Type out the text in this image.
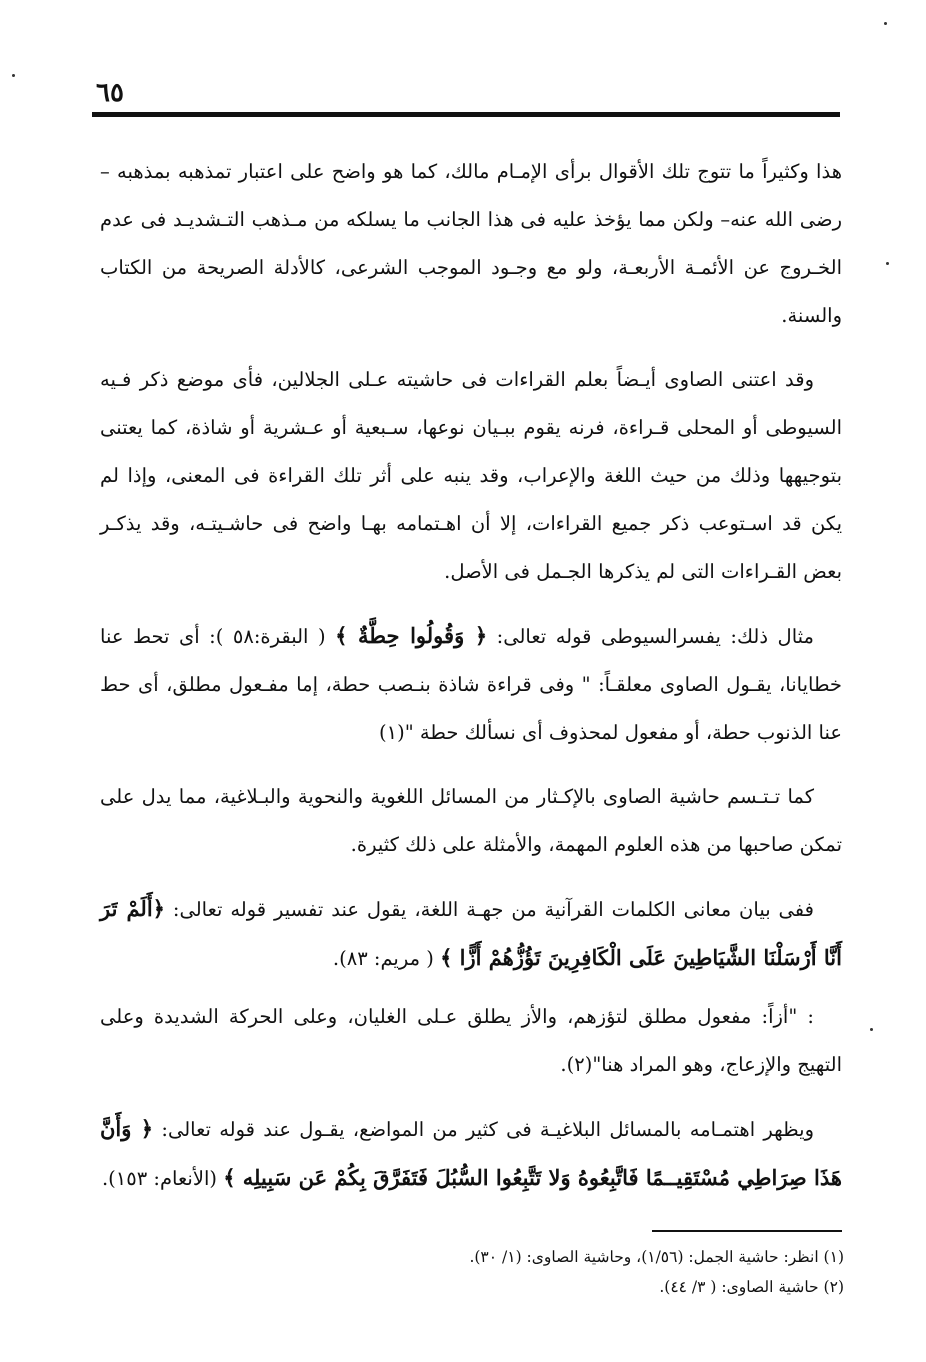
٦٥

هذا وكثيراً ما تتوج تلك الأقوال برأى الإمـام مالك، كما هو واضح على اعتبار تمذهبه بمذهبه – رضى الله عنه– ولكن مما يؤخذ عليه فى هذا الجانب ما يسلكه من مـذهب التـشديـد فى عدم الخـروج عن الأئمـة الأربعـة، ولو مع وجـود الموجب الشرعى، كالأدلة الصريحة من الكتاب والسنة.

وقد اعتنى الصاوى أيـضاً بعلم القراءات فى حاشيته عـلى الجلالين، فأى موضع ذكر فـيه السيوطى أو المحلى قـراءة، فرنه يقوم ببـيان نوعها، سـبعية أو عـشرية أو شاذة، كما يعتنى بتوجيهها وذلك من حيث اللغة والإعراب، وقد ينبه على أثر تلك القراءة فى المعنى، وإذا لم يكن قد اسـتوعب ذكر جميع القراءات، إلا أن اهـتمامه بهـا واضح فى حاشـيتـه، وقد يذكـر بعض القـراءات التى لم يذكرها الجـمل فى الأصل.

مثال ذلك: يفسرالسيوطى قوله تعالى: ﴿ وَقُولُوا حِطَّةٌ ﴾ ( البقرة:٥٨ ): أى تحط عنا خطايانا، يقـول الصاوى معلقـاً: " وفى قراءة شاذة بنـصب حطة، إما مفـعول مطلق، أى حط عنا الذنوب حطة، أو مفعول لمحذوف أى نسألك حطة "(١)

كما تـتـسم حاشية الصاوى بالإكـثار من المسائل اللغوية والنحوية والبـلاغية، مما يدل على تمكن صاحبها من هذه العلوم المهمة، والأمثلة على ذلك كثيرة.

ففى بيان معانى الكلمات القرآنية من جهـة اللغة، يقول عند تفسير قوله تعالى: ﴿أَلَمْ تَرَ أَنَّا أَرْسَلْنَا الشَّيَاطِينَ عَلَى الْكَافِرِينَ تَؤُزُّهُمْ أَزًّا ﴾ ( مريم: ٨٣).

: "أزاً: مفعول مطلق لتؤزهم، والأز يطلق عـلى الغليان، وعلى الحركة الشديدة وعلى التهيج والإزعاج، وهو المراد هنا"(٢).

ويظهر اهتمـامه بالمسائل البلاغيـة فى كثير من المواضع، يقـول عند قوله تعالى: ﴿ وَأَنَّ هَذَا صِرَاطِي مُسْتَقِيــمًا فَاتَّبِعُوهُ وَلا تَتَّبِعُوا السُّبُلَ فَتَفَرَّقَ بِكُمْ عَن سَبِيلِه ﴾ (الأنعام: ١٥٣).

(١) انظر: حاشية الجمل: (١/٥٦)، وحاشية الصاوى: (١/ ٣٠).

(٢) حاشية الصاوى: ( ٣/ ٤٤).
